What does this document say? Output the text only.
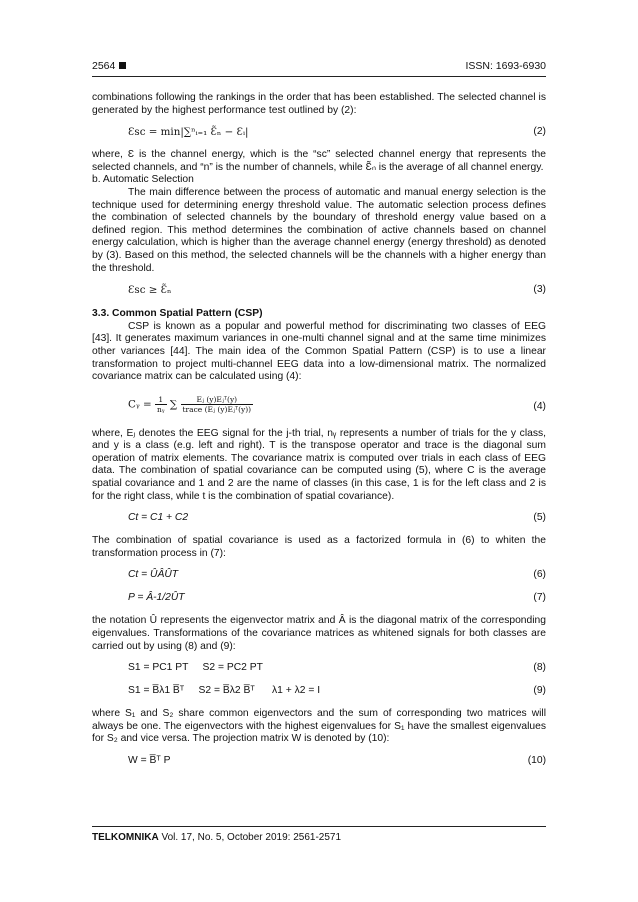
2564	ISSN: 1693-6930

combinations following the rankings in the order that has been established. The selected channel is generated by the highest performance test outlined by (2):

Ɛsc = min|∑ⁿᵢ₌₁ Ɛ̃ₙ − Ɛᵢ|	(2)

where, Ɛ is the channel energy, which is the “sc” selected channel energy that represents the selected channels, and “n” is the number of channels, while Ɛ̃ₙ is the average of all channel energy.

b. Automatic Selection

The main difference between the process of automatic and manual energy selection is the technique used for determining energy threshold value. The automatic selection process defines the combination of selected channels by the boundary of threshold energy value based on a defined region. This method determines the combination of active channels based on channel energy calculation, which is higher than the average channel energy (energy threshold) as denoted by (3). Based on this method, the selected channels will be the channels with a higher energy than the threshold.

Ɛsc ≥ Ɛ̃ₙ	(3)

3.3. Common Spatial Pattern (CSP)

CSP is known as a popular and powerful method for discriminating two classes of EEG [43]. It generates maximum variances in one-multi channel signal and at the same time minimizes other variances [44]. The main idea of the Common Spatial Pattern (CSP) is to use a linear transformation to project multi-channel EEG data into a low-dimensional matrix. The normalized covariance matrix can be calculated using (4):

Cᵧ = $\frac{1}{\text{nᵧ}}$ ∑ $\frac{\text{Eⱼ (y)Eⱼᵀ(y)}}{\text{trace (Eⱼ (y)Eⱼᵀ(y))}}$	(4)

where, Eⱼ denotes the EEG signal for the j-th trial, nᵧ represents a number of trials for the y class, and y is a class (e.g. left and right). T is the transpose operator and trace is the diagonal sum operation of matrix elements. The covariance matrix is computed over trials in each class of EEG data. The combination of spatial covariance can be computed using (5), where C is the average spatial covariance and 1 and 2 are the name of classes (in this case, 1 is for the left class and 2 is for the right class, while t is the combination of spatial covariance).

Ct = C1 + C2	(5)

The combination of spatial covariance is used as a factorized formula in (6) to whiten the transformation process in (7):

Ct = ÛÂÛT	(6)
P = Â-1/2ÛT	(7)

the notation Û represents the eigenvector matrix and Â is the diagonal matrix of the corresponding eigenvalues. Transformations of the covariance matrices as whitened signals for both classes are carried out by using (8) and (9):

S1 = PC1 PT     S2 = PC2 PT	(8)
S1 = B̅λ1 B̅ᵀ     S2 = B̅λ2 B̅ᵀ      λ1 + λ2 = I	(9)

where S₁ and S₂ share common eigenvectors and the sum of corresponding two matrices will always be one. The eigenvectors with the highest eigenvalues for S₁ have the smallest eigenvalues for S₂ and vice versa. The projection matrix W is denoted by (10):

W = B̅ᵀ P	(10)
TELKOMNIKA Vol. 17, No. 5, October 2019: 2561-2571
